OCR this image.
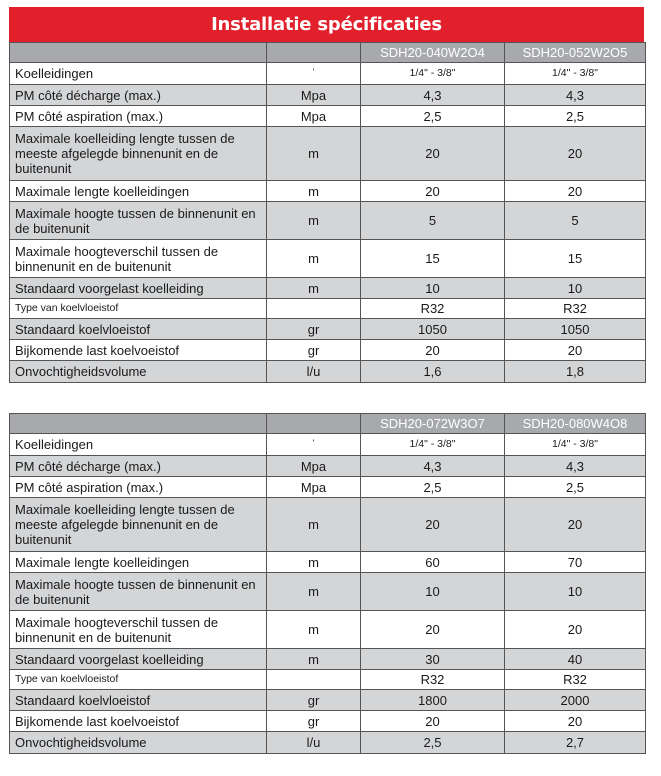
Installatie spécificaties
		SDH20-040W2O4	SDH20-052W2O5
Koelleidingen	'	1/4" - 3/8"	1/4" - 3/8"
PM côté décharge (max.)	Mpa	4,3	4,3
PM côté aspiration (max.)	Mpa	2,5	2,5
Maximale koelleiding lengte tussen de meeste afgelegde binnenunit en de buitenunit	m	20	20
Maximale lengte koelleidingen	m	20	20
Maximale hoogte tussen de binnenunit en de buitenunit	m	5	5
Maximale hoogteverschil tussen de binnenunit en de buitenunit	m	15	15
Standaard voorgelast koelleiding	m	10	10
Type van koelvloeistof		R32	R32
Standaard koelvloeistof	gr	1050	1050
Bijkomende last koelvoeistof	gr	20	20
Onvochtigheidsvolume	l/u	1,6	1,8
		SDH20-072W3O7	SDH20-080W4O8
Koelleidingen	'	1/4" - 3/8"	1/4" - 3/8"
PM côté décharge (max.)	Mpa	4,3	4,3
PM côté aspiration (max.)	Mpa	2,5	2,5
Maximale koelleiding lengte tussen de meeste afgelegde binnenunit en de buitenunit	m	20	20
Maximale lengte koelleidingen	m	60	70
Maximale hoogte tussen de binnenunit en de buitenunit	m	10	10
Maximale hoogteverschil tussen de binnenunit en de buitenunit	m	20	20
Standaard voorgelast koelleiding	m	30	40
Type van koelvloeistof		R32	R32
Standaard koelvloeistof	gr	1800	2000
Bijkomende last koelvoeistof	gr	20	20
Onvochtigheidsvolume	l/u	2,5	2,7
